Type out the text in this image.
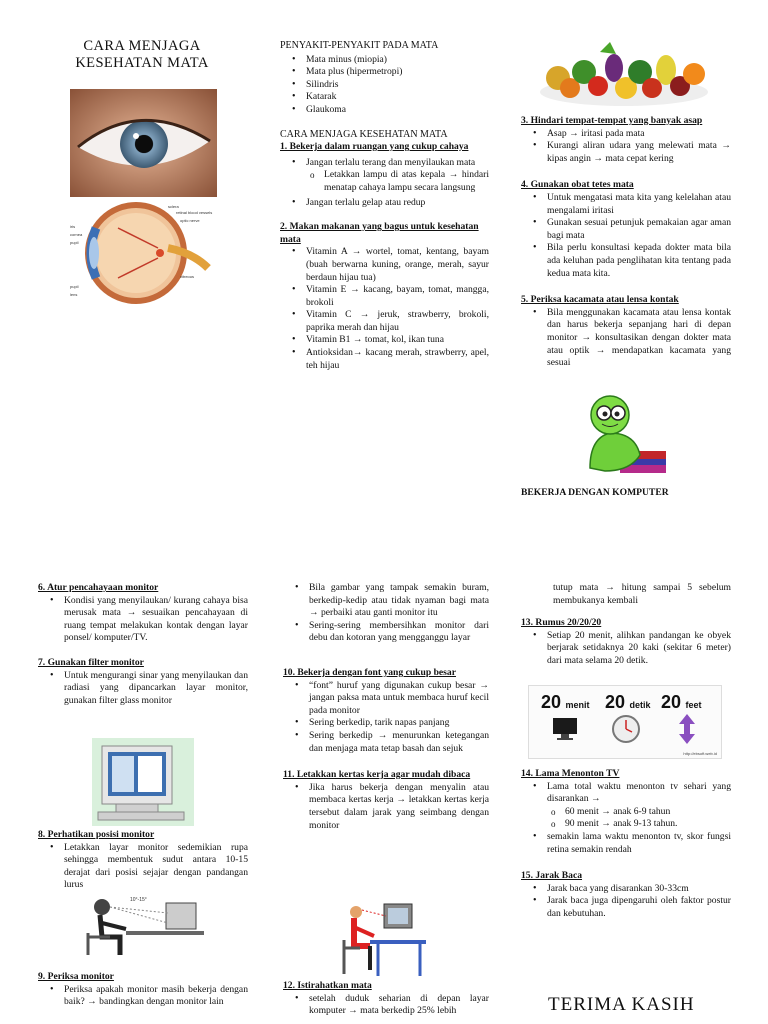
CARA MENJAGA KESEHATAN MATA
sclera
retinal blood vessels
optic nerve
iris
cornea
pupil
vitreous
pupil
lens
PENYAKIT-PENYAKIT PADA MATA
• Mata minus (miopia)
• Mata plus (hipermetropi)
• Silindris
• Katarak
• Glaukoma
CARA MENJAGA KESEHATAN MATA
1. Bekerja dalam ruangan yang cukup cahaya
• Jangan terlalu terang dan menyilaukan mata
o Letakkan lampu di atas kepala → hindari menatap cahaya lampu secara langsung
• Jangan terlalu gelap atau redup
2. Makan makanan yang bagus untuk kesehatan mata
• Vitamin A → wortel, tomat, kentang, bayam (buah berwarna kuning, orange, merah, sayur berdaun hijau tua)
• Vitamin E → kacang, bayam, tomat, mangga, brokoli
• Vitamin C → jeruk, strawberry, brokoli, paprika merah dan hijau
• Vitamin B1 → tomat, kol, ikan tuna
• Antioksidan→ kacang merah, strawberry, apel, teh hijau
3. Hindari tempat-tempat yang banyak asap
• Asap → iritasi pada mata
• Kurangi aliran udara yang melewati mata → kipas angin → mata cepat kering
4. Gunakan obat tetes mata
• Untuk mengatasi mata kita yang kelelahan atau mengalami iritasi
• Gunakan sesuai petunjuk pemakaian agar aman bagi mata
• Bila perlu konsultasi kepada dokter mata bila ada keluhan pada penglihatan kita tentang pada kedua mata kita.
5. Periksa kacamata atau lensa kontak
• Bila menggunakan kacamata atau lensa kontak dan harus bekerja sepanjang hari di depan monitor → konsultasikan dengan dokter mata atau optik → mendapatkan kacamata yang sesuai
BEKERJA DENGAN KOMPUTER
6. Atur pencahayaan monitor
• Kondisi yang menyilaukan/ kurang cahaya bisa merusak mata → sesuaikan pencahayaan di ruang tempat melakukan kontak dengan layar ponsel/ komputer/TV.
7. Gunakan filter monitor
• Untuk mengurangi sinar yang menyilaukan dan radiasi yang dipancarkan layar monitor, gunakan filter glass monitor
8. Perhatikan posisi monitor
• Letakkan layar monitor sedemikian rupa sehingga membentuk sudut antara 10-15 derajat dari posisi sejajar dengan pandangan lurus
10°-15°
9. Periksa monitor
• Periksa apakah monitor masih bekerja dengan baik? → bandingkan dengan monitor lain
• Bila gambar yang tampak semakin buram, berkedip-kedip atau tidak nyaman bagi mata → perbaiki atau ganti monitor itu
• Sering-sering membersihkan monitor dari debu dan kotoran yang mengganggu layar
10. Bekerja dengan font yang cukup besar
• “font” huruf yang digunakan cukup besar → jangan paksa mata untuk membaca huruf kecil pada monitor
• Sering berkedip, tarik napas panjang
• Sering berkedip → menurunkan ketegangan dan menjaga mata tetap basah dan sejuk
11. Letakkan kertas kerja agar mudah dibaca
• Jika harus bekerja dengan menyalin atau membaca kertas kerja → letakkan kertas kerja tersebut dalam jarak yang seimbang dengan monitor
12. Istirahatkan mata
• setelah duduk seharian di depan layar komputer → mata berkedip 25% lebih
tutup mata → hitung sampai 5 sebelum membukanya kembali
13. Rumus 20/20/20
• Setiap 20 menit, alihkan pandangan ke obyek berjarak setidaknya 20 kaki (sekitar 6 meter) dari mata selama 20 detik.
20 menit 20 detik 20 feet
http://ebsoft.web.id
14. Lama Menonton TV
• Lama total waktu menonton tv sehari yang disarankan →
o 60 menit → anak 6-9 tahun
o 90 menit → anak 9-13 tahun.
• semakin lama waktu menonton tv, skor fungsi retina semakin rendah
15. Jarak Baca
• Jarak baca yang disarankan 30-33cm
• Jarak baca juga dipengaruhi oleh faktor postur dan kebutuhan.
TERIMA KASIH
